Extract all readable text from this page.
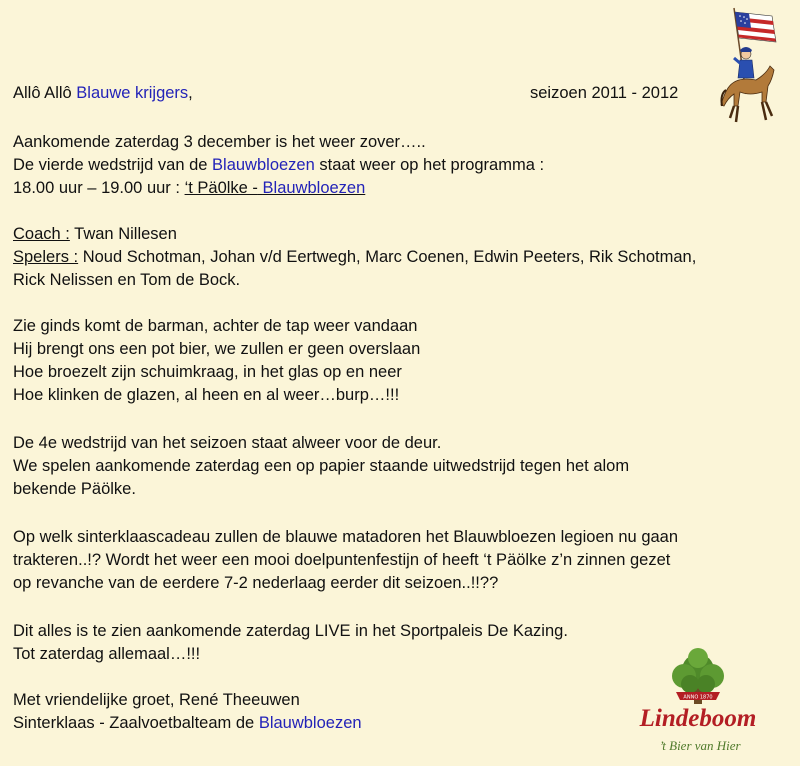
Allô Allô Blauwe krijgers,	seizoen 2011 - 2012
Aankomende zaterdag 3 december is het weer zover…..
De vierde wedstrijd van de Blauwbloezen staat weer op het programma :
18.00 uur – 19.00 uur : ‘t Pä0lke - Blauwbloezen
Coach : Twan Nillesen
Spelers : Noud Schotman, Johan v/d Eertwegh, Marc Coenen, Edwin Peeters, Rik Schotman,
Rick Nelissen en Tom de Bock.
Zie ginds komt de barman, achter de tap weer vandaan
Hij brengt ons een pot bier, we zullen er geen overslaan
Hoe broezelt zijn schuimkraag, in het glas op en neer
Hoe klinken de glazen, al heen en al weer…burp…!!!
De 4e wedstrijd van het seizoen staat alweer voor de deur.
We spelen aankomende zaterdag een op papier staande uitwedstrijd tegen het alom
bekende Päölke.
Op welk sinterklaascadeau zullen de blauwe matadoren het Blauwbloezen legioen nu gaan
trakteren..!? Wordt het weer een mooi doelpuntenfestijn of heeft ‘t Päölke z’n zinnen gezet
op revanche van de eerdere 7-2 nederlaag eerder dit seizoen..!!??
Dit alles is te zien aankomende zaterdag LIVE in het Sportpaleis De Kazing.
Tot zaterdag allemaal…!!!
Met vriendelijke groet, René Theeuwen
Sinterklaas - Zaalvoetbalteam de Blauwbloezen
ANNO 1870
Lindeboom
’t Bier van Hier
